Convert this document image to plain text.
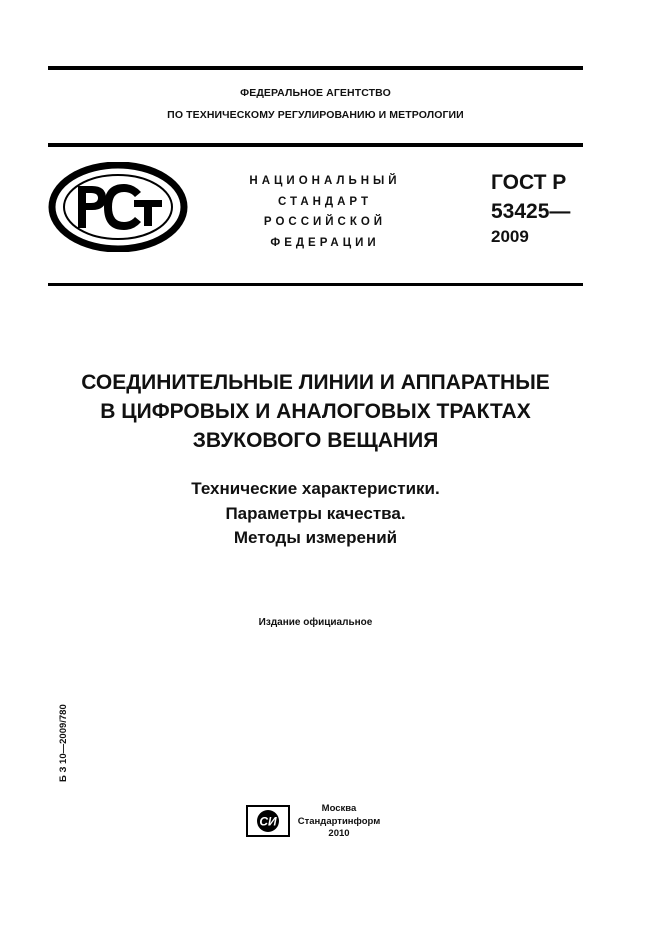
ФЕДЕРАЛЬНОЕ АГЕНТСТВО
ПО ТЕХНИЧЕСКОМУ РЕГУЛИРОВАНИЮ И МЕТРОЛОГИИ
НАЦИОНАЛЬНЫЙ
СТАНДАРТ
РОССИЙСКОЙ
ФЕДЕРАЦИИ
ГОСТ Р
53425—
2009
СОЕДИНИТЕЛЬНЫЕ ЛИНИИ И АППАРАТНЫЕ
В ЦИФРОВЫХ И АНАЛОГОВЫХ ТРАКТАХ
ЗВУКОВОГО ВЕЩАНИЯ
Технические характеристики.
Параметры качества.
Методы измерений
Издание официальное
Б З 10—2009/780
СИ
Москва
Стандартинформ
2010
